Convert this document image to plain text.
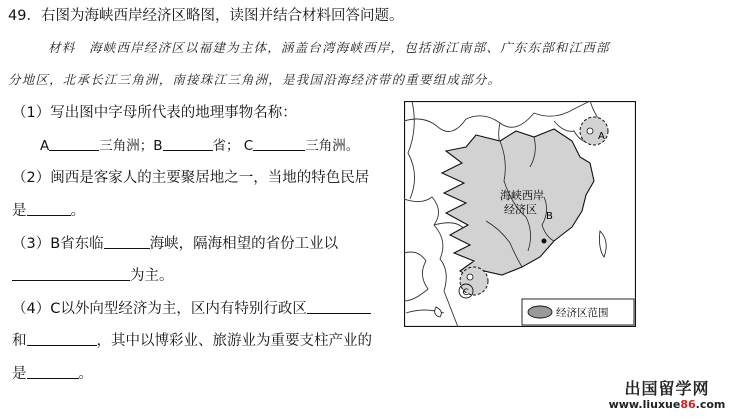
49．右图为海峡西岸经济区略图，读图并结合材料回答问题。
材料　海峡西岸经济区以福建为主体，涵盖台湾海峡西岸，包括浙江南部、广东东部和江西部
分地区，北承长江三角洲，南接珠江三角洲，是我国沿海经济带的重要组成部分。
（1）写出图中字母所代表的地理事物名称：
A	三角洲；B	省； C	三角洲。
（2）闽西是客家人的主要聚居地之一，当地的特色民居
是	。
（3）B省东临	海峡，隔海相望的省份工业以
为主。
（4）C以外向型经济为主，区内有特别行政区
和	，其中以博彩业、旅游业为重要支柱产业的
是	。
A
B
海峡西岸
经济区
C
经济区范围
出国留学网
www.liuxue86.com
